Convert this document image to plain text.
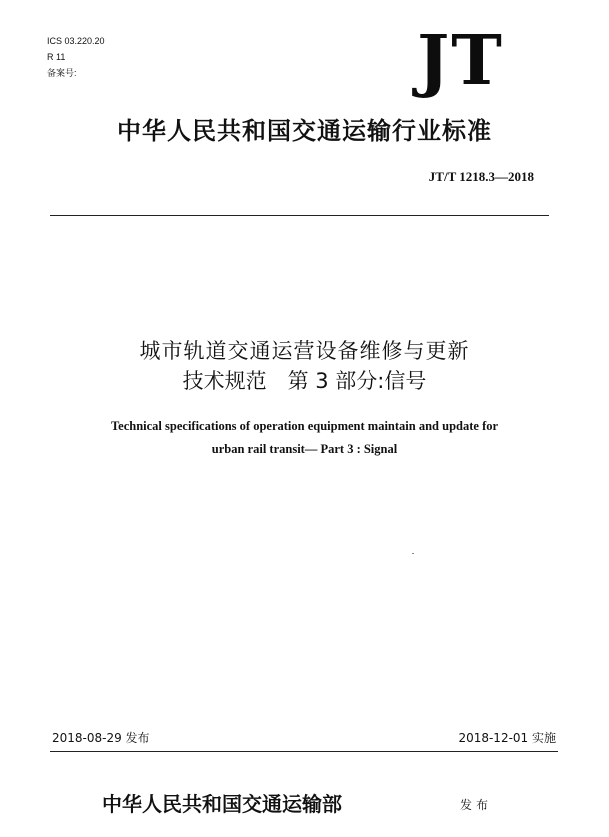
ICS 03.220.20
R 11
备案号:	JT
中华人民共和国交通运输行业标准
JT/T 1218.3—2018
城市轨道交通运营设备维修与更新
技术规范　第 3 部分:信号
Technical specifications of operation equipment maintain and update for
urban rail transit— Part 3 : Signal
2018-08-29 发布	2018-12-01 实施
中华人民共和国交通运输部	发布
